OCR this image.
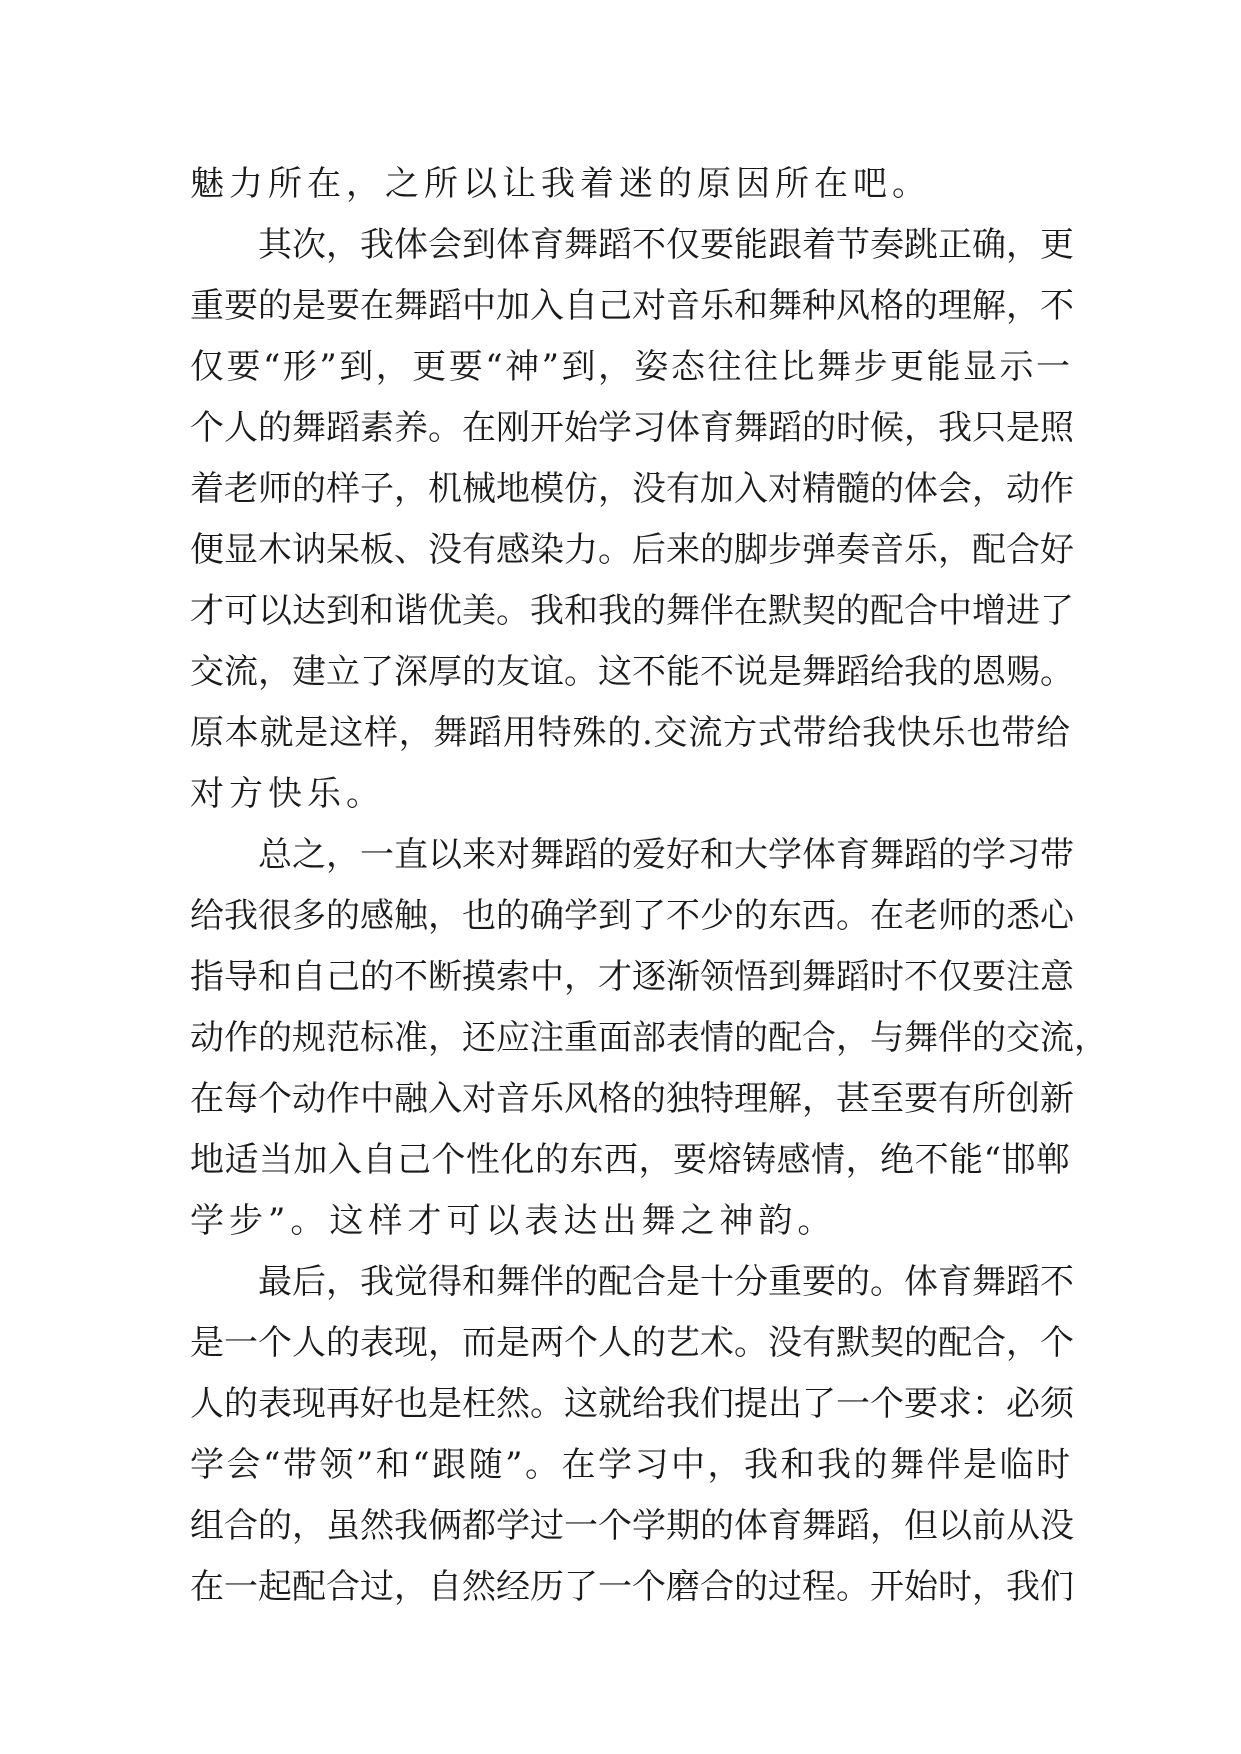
魅力所在，之所以让我着迷的原因所在吧。
　　其次，我体会到体育舞蹈不仅要能跟着节奏跳正确，更
重要的是要在舞蹈中加入自己对音乐和舞种风格的理解，不
仅要“形”到，更要“神”到，姿态往往比舞步更能显示一
个人的舞蹈素养。在刚开始学习体育舞蹈的时候，我只是照
着老师的样子，机械地模仿，没有加入对精髓的体会，动作
便显木讷呆板、没有感染力。后来的脚步弹奏音乐，配合好
才可以达到和谐优美。我和我的舞伴在默契的配合中增进了
交流，建立了深厚的友谊。这不能不说是舞蹈给我的恩赐。
原本就是这样，舞蹈用特殊的.交流方式带给我快乐也带给
对方快乐。
　　总之，一直以来对舞蹈的爱好和大学体育舞蹈的学习带
给我很多的感触，也的确学到了不少的东西。在老师的悉心
指导和自己的不断摸索中，才逐渐领悟到舞蹈时不仅要注意
动作的规范标准，还应注重面部表情的配合，与舞伴的交流，
在每个动作中融入对音乐风格的独特理解，甚至要有所创新
地适当加入自己个性化的东西，要熔铸感情，绝不能“邯郸
学步”。这样才可以表达出舞之神韵。
　　最后，我觉得和舞伴的配合是十分重要的。体育舞蹈不
是一个人的表现，而是两个人的艺术。没有默契的配合，个
人的表现再好也是枉然。这就给我们提出了一个要求：必须
学会“带领”和“跟随”。在学习中，我和我的舞伴是临时
组合的，虽然我俩都学过一个学期的体育舞蹈，但以前从没
在一起配合过，自然经历了一个磨合的过程。开始时，我们
